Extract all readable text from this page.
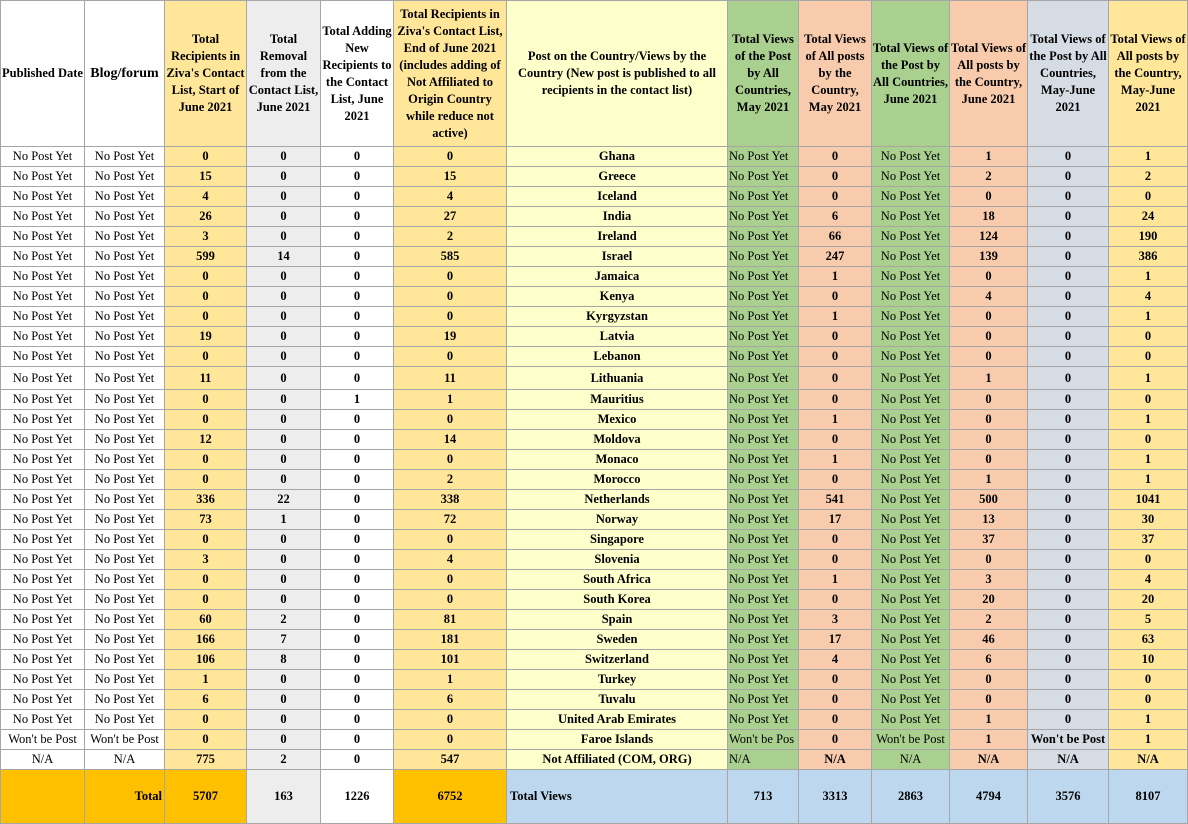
Published Date	Blog/forum	Total Recipients in Ziva's Contact List, Start of June 2021	Total Removal from the Contact List, June 2021	Total Adding New Recipients to the Contact List, June 2021	Total Recipients in Ziva's Contact List, End of June 2021 (includes adding of Not Affiliated to Origin Country while reduce not active)	Post on the Country/Views by the Country (New post is published to all recipients in the contact list)	Total Views of the Post by All Countries, May 2021	Total Views of All posts by the Country, May 2021	Total Views of the Post by All Countries, June 2021	Total Views of All posts by the Country, June 2021	Total Views of the Post by All Countries, May-June 2021	Total Views of All posts by the Country, May-June 2021
No Post Yet	No Post Yet	0	0	0	0	Ghana	No Post Yet	0	No Post Yet	1	0	1
No Post Yet	No Post Yet	15	0	0	15	Greece	No Post Yet	0	No Post Yet	2	0	2
No Post Yet	No Post Yet	4	0	0	4	Iceland	No Post Yet	0	No Post Yet	0	0	0
No Post Yet	No Post Yet	26	0	0	27	India	No Post Yet	6	No Post Yet	18	0	24
No Post Yet	No Post Yet	3	0	0	2	Ireland	No Post Yet	66	No Post Yet	124	0	190
No Post Yet	No Post Yet	599	14	0	585	Israel	No Post Yet	247	No Post Yet	139	0	386
No Post Yet	No Post Yet	0	0	0	0	Jamaica	No Post Yet	1	No Post Yet	0	0	1
No Post Yet	No Post Yet	0	0	0	0	Kenya	No Post Yet	0	No Post Yet	4	0	4
No Post Yet	No Post Yet	0	0	0	0	Kyrgyzstan	No Post Yet	1	No Post Yet	0	0	1
No Post Yet	No Post Yet	19	0	0	19	Latvia	No Post Yet	0	No Post Yet	0	0	0
No Post Yet	No Post Yet	0	0	0	0	Lebanon	No Post Yet	0	No Post Yet	0	0	0
No Post Yet	No Post Yet	11	0	0	11	Lithuania	No Post Yet	0	No Post Yet	1	0	1
No Post Yet	No Post Yet	0	0	1	1	Mauritius	No Post Yet	0	No Post Yet	0	0	0
No Post Yet	No Post Yet	0	0	0	0	Mexico	No Post Yet	1	No Post Yet	0	0	1
No Post Yet	No Post Yet	12	0	0	14	Moldova	No Post Yet	0	No Post Yet	0	0	0
No Post Yet	No Post Yet	0	0	0	0	Monaco	No Post Yet	1	No Post Yet	0	0	1
No Post Yet	No Post Yet	0	0	0	2	Morocco	No Post Yet	0	No Post Yet	1	0	1
No Post Yet	No Post Yet	336	22	0	338	Netherlands	No Post Yet	541	No Post Yet	500	0	1041
No Post Yet	No Post Yet	73	1	0	72	Norway	No Post Yet	17	No Post Yet	13	0	30
No Post Yet	No Post Yet	0	0	0	0	Singapore	No Post Yet	0	No Post Yet	37	0	37
No Post Yet	No Post Yet	3	0	0	4	Slovenia	No Post Yet	0	No Post Yet	0	0	0
No Post Yet	No Post Yet	0	0	0	0	South Africa	No Post Yet	1	No Post Yet	3	0	4
No Post Yet	No Post Yet	0	0	0	0	South Korea	No Post Yet	0	No Post Yet	20	0	20
No Post Yet	No Post Yet	60	2	0	81	Spain	No Post Yet	3	No Post Yet	2	0	5
No Post Yet	No Post Yet	166	7	0	181	Sweden	No Post Yet	17	No Post Yet	46	0	63
No Post Yet	No Post Yet	106	8	0	101	Switzerland	No Post Yet	4	No Post Yet	6	0	10
No Post Yet	No Post Yet	1	0	0	1	Turkey	No Post Yet	0	No Post Yet	0	0	0
No Post Yet	No Post Yet	6	0	0	6	Tuvalu	No Post Yet	0	No Post Yet	0	0	0
No Post Yet	No Post Yet	0	0	0	0	United Arab Emirates	No Post Yet	0	No Post Yet	1	0	1
Won't be Post	Won't be Post	0	0	0	0	Faroe Islands	Won't be Pos	0	Won't be Post	1	Won't be Post	1
N/A	N/A	775	2	0	547	Not Affiliated (COM, ORG)	N/A	N/A	N/A	N/A	N/A	N/A
	Total	5707	163	1226	6752	Total Views	713	3313	2863	4794	3576	8107
